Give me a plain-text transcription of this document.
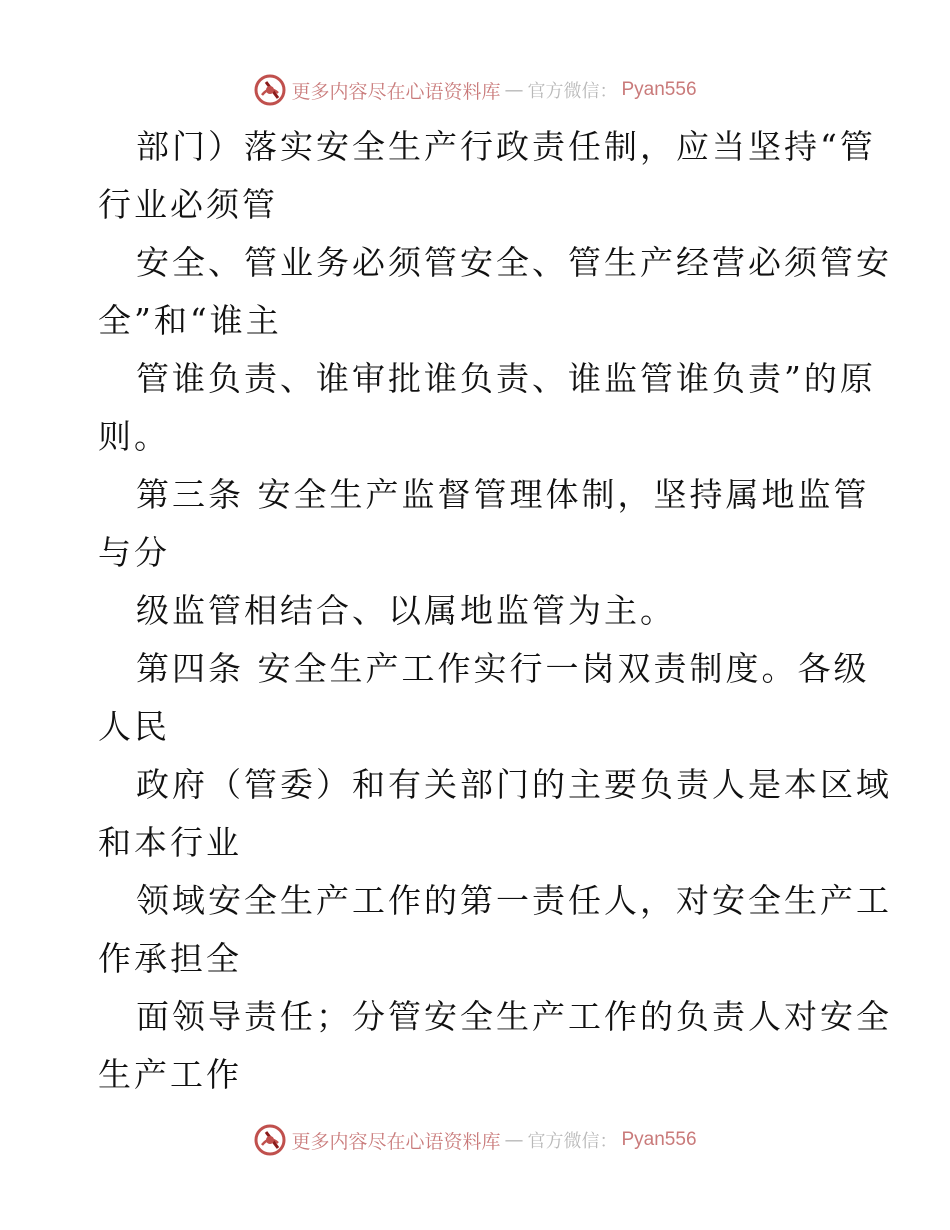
更多内容尽在心语资料库 — 官方微信： Pyan556
部门）落实安全生产行政责任制，应当坚持“管
行业必须管
安全、管业务必须管安全、管生产经营必须管安
全”和“谁主
管谁负责、谁审批谁负责、谁监管谁负责”的原
则。
第三条 安全生产监督管理体制，坚持属地监管
与分
级监管相结合、以属地监管为主。
第四条 安全生产工作实行一岗双责制度。各级
人民
政府（管委）和有关部门的主要负责人是本区域
和本行业
领域安全生产工作的第一责任人，对安全生产工
作承担全
面领导责任；分管安全生产工作的负责人对安全
生产工作
更多内容尽在心语资料库 — 官方微信： Pyan556
